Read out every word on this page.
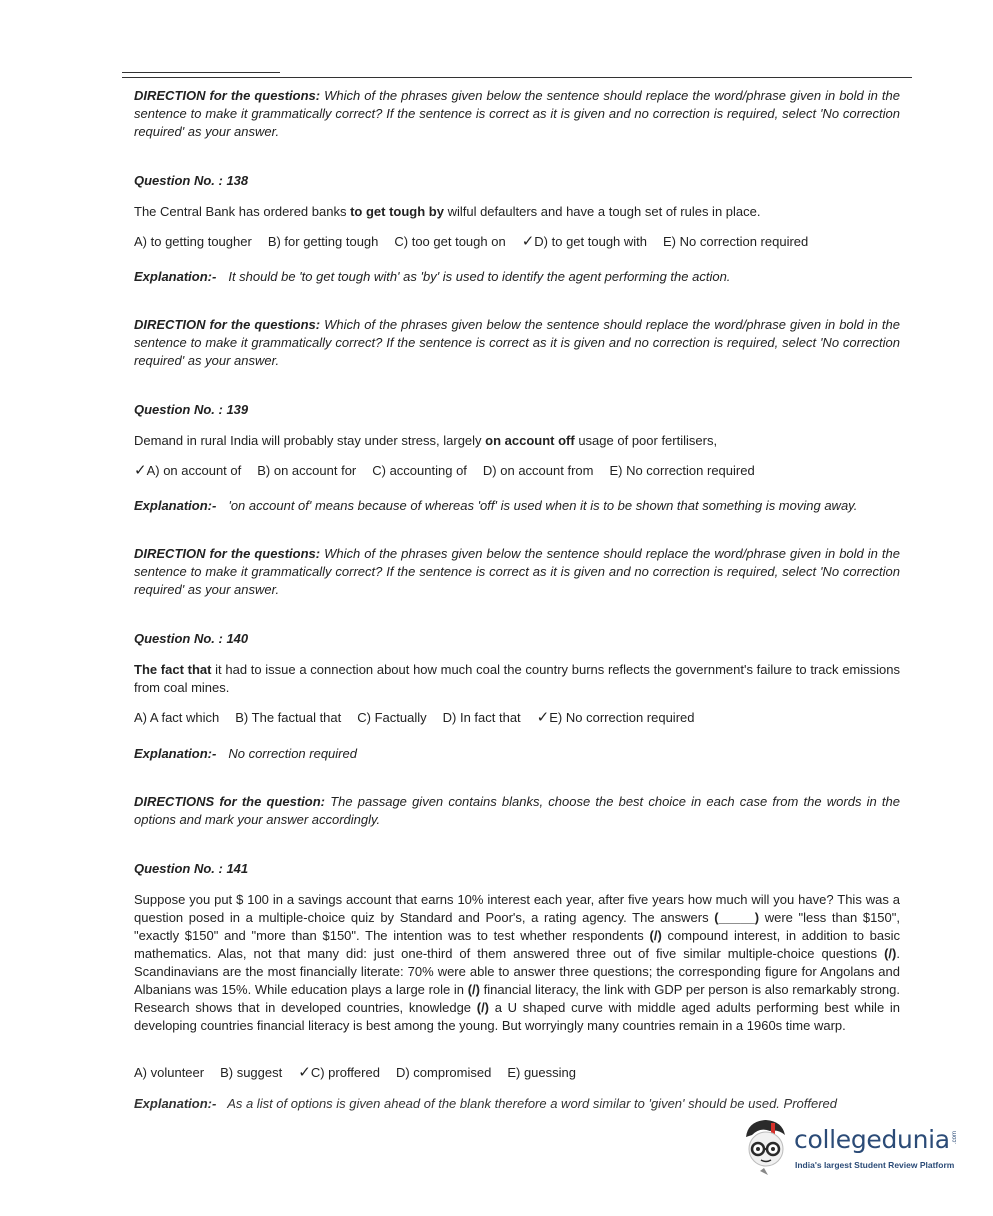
DIRECTION for the questions: Which of the phrases given below the sentence should replace the word/phrase given in bold in the sentence to make it grammatically correct? If the sentence is correct as it is given and no correction is required, select 'No correction required' as your answer.

Question No. : 138

The Central Bank has ordered banks to get tough by wilful defaulters and have a tough set of rules in place.

A) to getting tougher B) for getting tough C) too get tough on ✓ D) to get tough with E) No correction required

Explanation:- It should be 'to get tough with' as 'by' is used to identify the agent performing the action.

DIRECTION for the questions: Which of the phrases given below the sentence should replace the word/phrase given in bold in the sentence to make it grammatically correct? If the sentence is correct as it is given and no correction is required, select 'No correction required' as your answer.

Question No. : 139

Demand in rural India will probably stay under stress, largely on account off usage of poor fertilisers,

✓ A) on account of B) on account for C) accounting of D) on account from E) No correction required

Explanation:- 'on account of' means because of whereas 'off' is used when it is to be shown that something is moving away.

DIRECTION for the questions: Which of the phrases given below the sentence should replace the word/phrase given in bold in the sentence to make it grammatically correct? If the sentence is correct as it is given and no correction is required, select 'No correction required' as your answer.

Question No. : 140

The fact that it had to issue a connection about how much coal the country burns reflects the government's failure to track emissions from coal mines.

A) A fact which B) The factual that C) Factually D) In fact that ✓ E) No correction required

Explanation:- No correction required

DIRECTIONS for the question: The passage given contains blanks, choose the best choice in each case from the words in the options and mark your answer accordingly.

Question No. : 141

Suppose you put $ 100 in a savings account that earns 10% interest each year, after five years how much will you have? This was a question posed in a multiple-choice quiz by Standard and Poor's, a rating agency. The answers (_____) were "less than $150", "exactly $150" and "more than $150". The intention was to test whether respondents (/) compound interest, in addition to basic mathematics. Alas, not that many did: just one-third of them answered three out of five similar multiple-choice questions (/). Scandinavians are the most financially literate: 70% were able to answer three questions; the corresponding figure for Angolans and Albanians was 15%. While education plays a large role in (/) financial literacy, the link with GDP per person is also remarkably strong. Research shows that in developed countries, knowledge (/) a U shaped curve with middle aged adults performing best while in developing countries financial literacy is best among the young. But worryingly many countries remain in a 1960s time warp.

A) volunteer B) suggest ✓ C) proffered D) compromised E) guessing
Explanation:- As a list of options is given ahead of the blank therefore a word similar to 'given' should be used. Proffered
collegedunia .com
India's largest Student Review Platform
